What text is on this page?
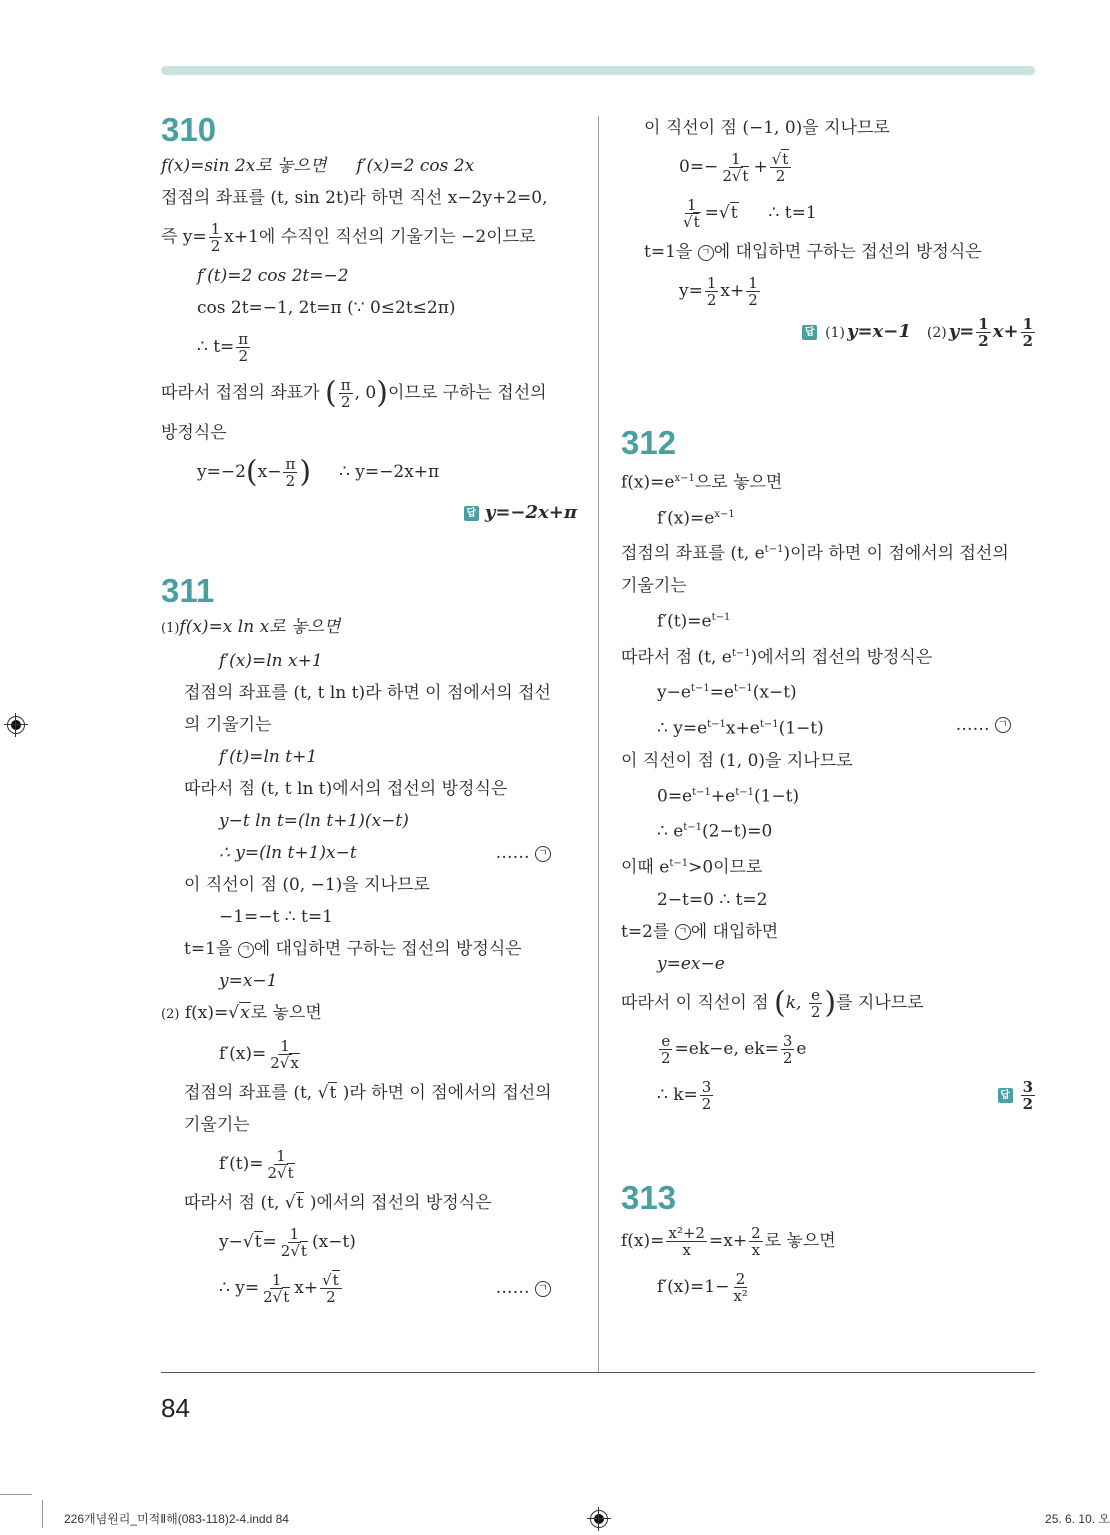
310
f(x)=sin 2x로 놓으면 f′(x)=2 cos 2x
접점의 좌표를 (t, sin 2t)라 하면 직선 x−2y+2=0,
즉 $y= \frac{1}{2} x+1$에 수직인 직선의 기울기는 −2이므로
f′(t)=2 cos 2t=−2
cos 2t=−1, 2t=π (∵ 0≤2t≤2π)
∴ $t= \frac{\pi}{2}$
따라서 접점의 좌표가 ( $\frac{\pi}{2}$ , 0)이므로 구하는 접선의
방정식은
$y=-2(x- \frac{\pi}{2}$ ) ∴ y=−2x+π
답 y=−2x+π
311
(1)f(x)=x ln x로 놓으면
f′(x)=ln x+1
접점의 좌표를 (t, t ln t)라 하면 이 점에서의 접선
의 기울기는
f′(t)=ln t+1
따라서 점 (t, t ln t)에서의 접선의 방정식은
y−t ln t=(ln t+1)(x−t)
∴ y=(ln t+1)x−t	…… ㄱ
이 직선이 점 (0, −1)을 지나므로
−1=−t ∴ t=1
t=1을 ㄱ 에 대입하면 구하는 접선의 방정식은
y=x−1
(2) f(x)=√x로 놓으면
$f'(x)= \frac{1}{2√x}$
접점의 좌표를 (t, √t )라 하면 이 점에서의 접선의
기울기는
$f'(t)= \frac{1}{2√t}$
따라서 점 (t, √t )에서의 접선의 방정식은
$y-√t= \frac{1}{2√t} (x-t)$
∴ $y= \frac{1}{2√t} x+ \frac{√t}{2}$	…… ㄱ
이 직선이 점 (−1, 0)을 지나므로
$0=- \frac{1}{2√t} + \frac{√t}{2}$
$\frac{1}{√t} =√t$ ∴ t=1
t=1을 ㄱ 에 대입하면 구하는 접선의 방정식은
$y= \frac{1}{2} x+ \frac{1}{2}$
답 (1) y=x−1 (2) $y= \frac{1}{2} x+ \frac{1}{2}$
312
$f(x)=e^{x-1}$으로 놓으면
$f'(x)=e^{x-1}$
접점의 좌표를 (t, $e^{t-1}$)이라 하면 이 점에서의 접선의
기울기는
$f'(t)=e^{t-1}$
따라서 점 (t, $e^{t-1}$)에서의 접선의 방정식은
$y-e^{t-1}=e^{t-1}(x-t)$
∴ $y=e^{t-1}x+e^{t-1}(1-t)$	…… ㄱ
이 직선이 점 (1, 0)을 지나므로
$0=e^{t-1}+e^{t-1}(1-t)$
∴ $e^{t-1}(2-t)=0$
이때 $e^{t-1}>0$이므로
2−t=0 ∴ t=2
t=2를 ㄱ 에 대입하면
y=ex−e
따라서 이 직선이 점 (k, $\frac{e}{2}$ )를 지나므로
$\frac{e}{2} =ek-e$, $ek= \frac{3}{2}$ e
∴ $k= \frac{3}{2}$	답 $\frac{3}{2}$
313
$f(x)= \frac{\text{x²+2}}{x} =x+ \frac{2}{x}$ 로 놓으면
$f'(x)=1- \frac{2}{\text{x²}}$
84
226개념원리_미적Ⅱ해(083-118)2-4.indd 84	25. 6. 10. 오
